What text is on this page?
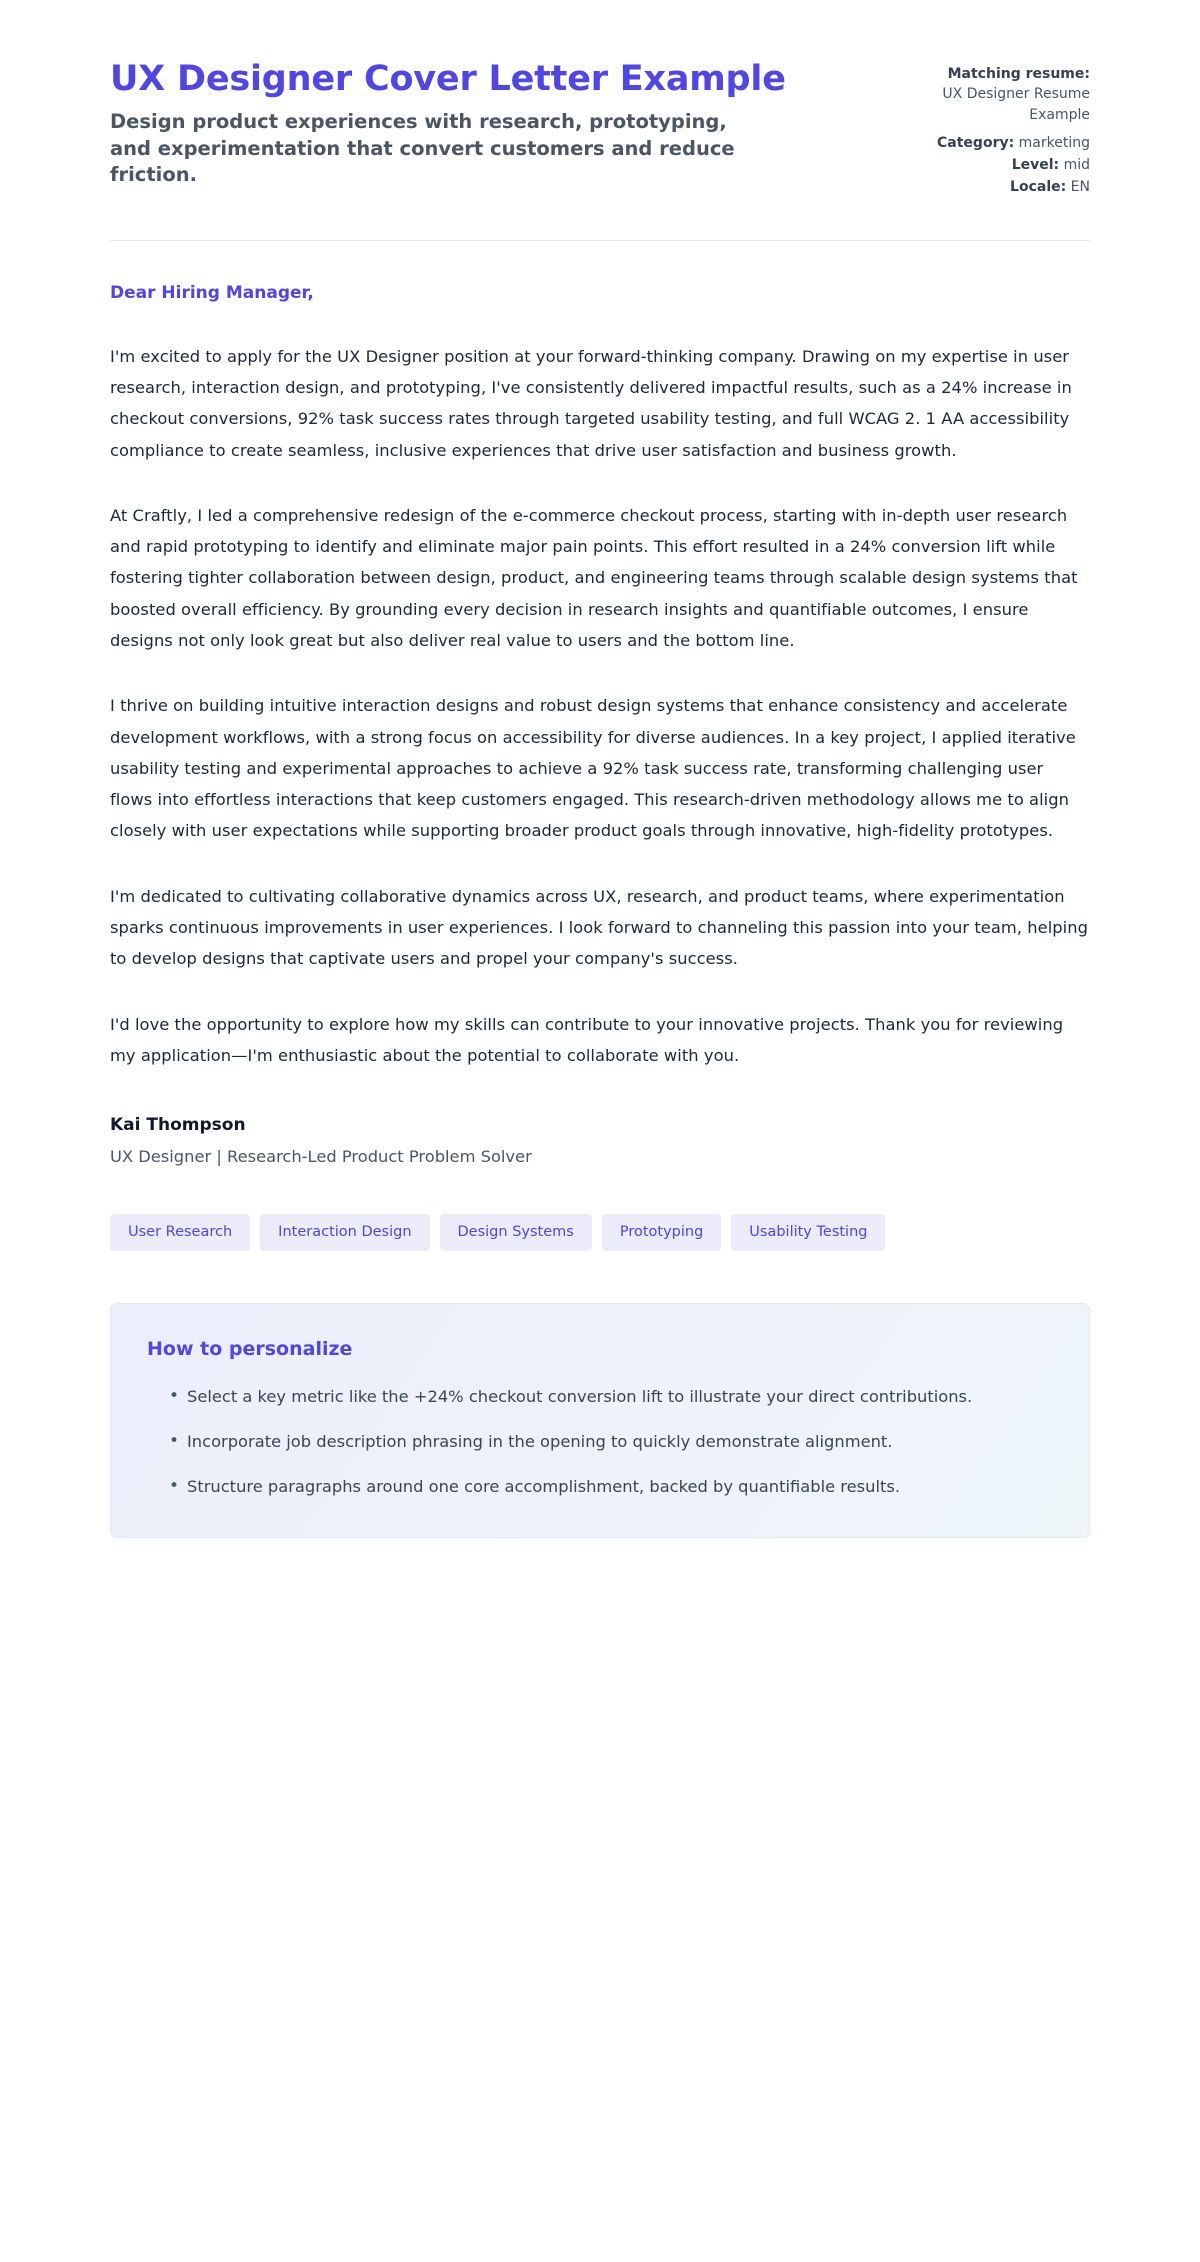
UX Designer Cover Letter Example

Design product experiences with research, prototyping, and experimentation that convert customers and reduce friction.

Matching resume:
UX Designer Resume Example
Category: marketing
Level: mid
Locale: EN

Dear Hiring Manager,

I'm excited to apply for the UX Designer position at your forward-thinking company. Drawing on my expertise in user research, interaction design, and prototyping, I've consistently delivered impactful results, such as a 24% increase in checkout conversions, 92% task success rates through targeted usability testing, and full WCAG 2. 1 AA accessibility compliance to create seamless, inclusive experiences that drive user satisfaction and business growth.

At Craftly, I led a comprehensive redesign of the e-commerce checkout process, starting with in-depth user research and rapid prototyping to identify and eliminate major pain points. This effort resulted in a 24% conversion lift while fostering tighter collaboration between design, product, and engineering teams through scalable design systems that boosted overall efficiency. By grounding every decision in research insights and quantifiable outcomes, I ensure designs not only look great but also deliver real value to users and the bottom line.

I thrive on building intuitive interaction designs and robust design systems that enhance consistency and accelerate development workflows, with a strong focus on accessibility for diverse audiences. In a key project, I applied iterative usability testing and experimental approaches to achieve a 92% task success rate, transforming challenging user flows into effortless interactions that keep customers engaged. This research-driven methodology allows me to align closely with user expectations while supporting broader product goals through innovative, high-fidelity prototypes.

I'm dedicated to cultivating collaborative dynamics across UX, research, and product teams, where experimentation sparks continuous improvements in user experiences. I look forward to channeling this passion into your team, helping to develop designs that captivate users and propel your company's success.

I'd love the opportunity to explore how my skills can contribute to your innovative projects. Thank you for reviewing my application—I'm enthusiastic about the potential to collaborate with you.

Kai Thompson

UX Designer | Research-Led Product Problem Solver

User Research	Interaction Design	Design Systems	Prototyping	Usability Testing
How to personalize
• Select a key metric like the +24% checkout conversion lift to illustrate your direct contributions.
• Incorporate job description phrasing in the opening to quickly demonstrate alignment.
• Structure paragraphs around one core accomplishment, backed by quantifiable results.
